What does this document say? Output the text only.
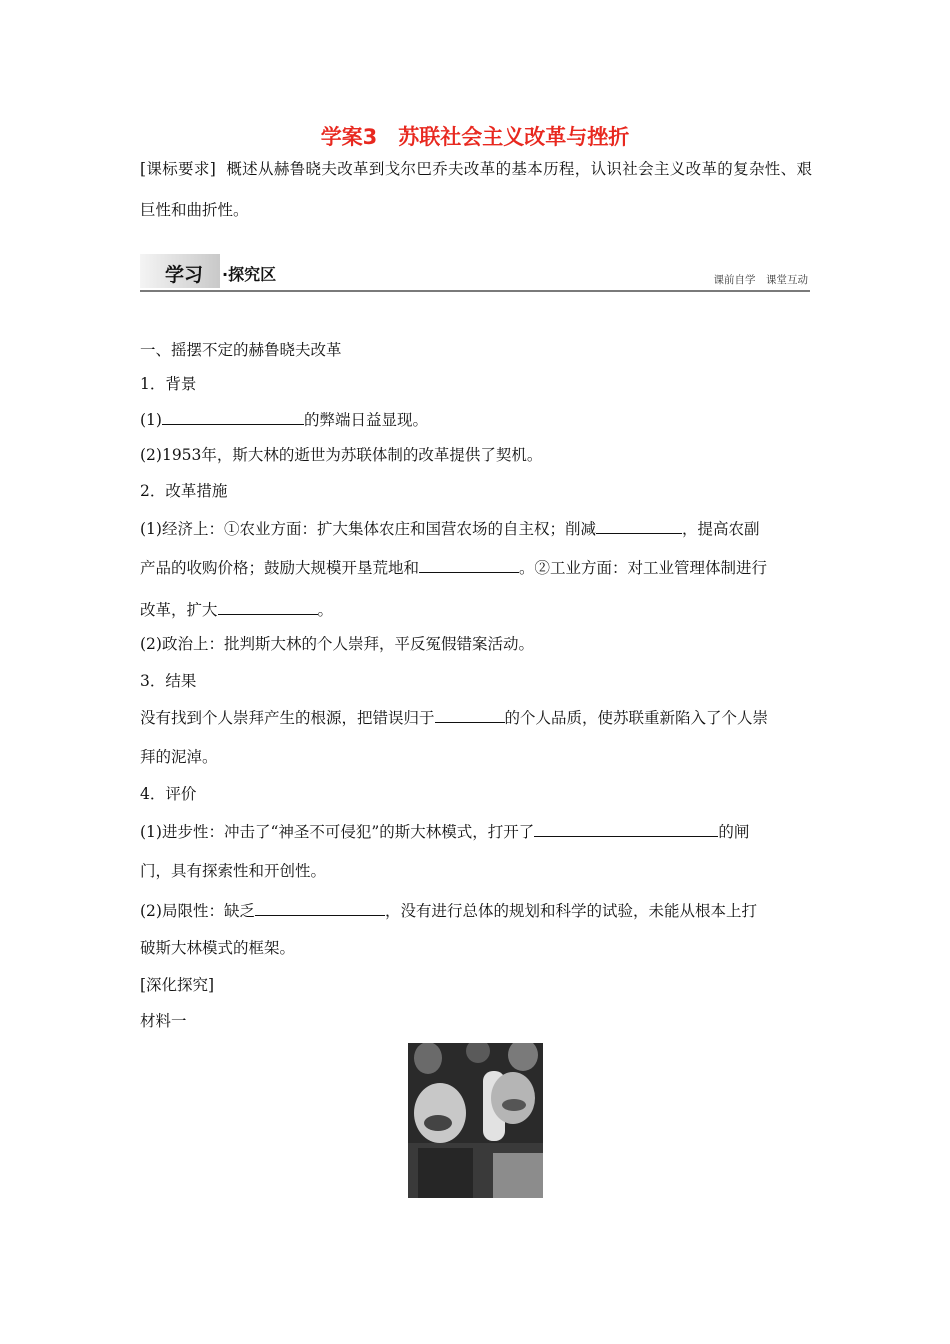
学案3　苏联社会主义改革与挫折
[课标要求] 概述从赫鲁晓夫改革到戈尔巴乔夫改革的基本历程，认识社会主义改革的复杂性、艰巨性和曲折性。
学习 ·探究区	课前自学　课堂互动
一、摇摆不定的赫鲁晓夫改革
1．背景
(1)	的弊端日益显现。
(2)1953年，斯大林的逝世为苏联体制的改革提供了契机。
2．改革措施
(1)经济上：①农业方面：扩大集体农庄和国营农场的自主权；削减	，提高农副
产品的收购价格；鼓励大规模开垦荒地和	。②工业方面：对工业管理体制进行
改革，扩大	。
(2)政治上：批判斯大林的个人崇拜，平反冤假错案活动。
3．结果
没有找到个人崇拜产生的根源，把错误归于	的个人品质，使苏联重新陷入了个人崇
拜的泥淖。
4．评价
(1)进步性：冲击了“神圣不可侵犯”的斯大林模式，打开了	的闸
门，具有探索性和开创性。
(2)局限性：缺乏	，没有进行总体的规划和科学的试验，未能从根本上打
破斯大林模式的框架。
[深化探究]
材料一
